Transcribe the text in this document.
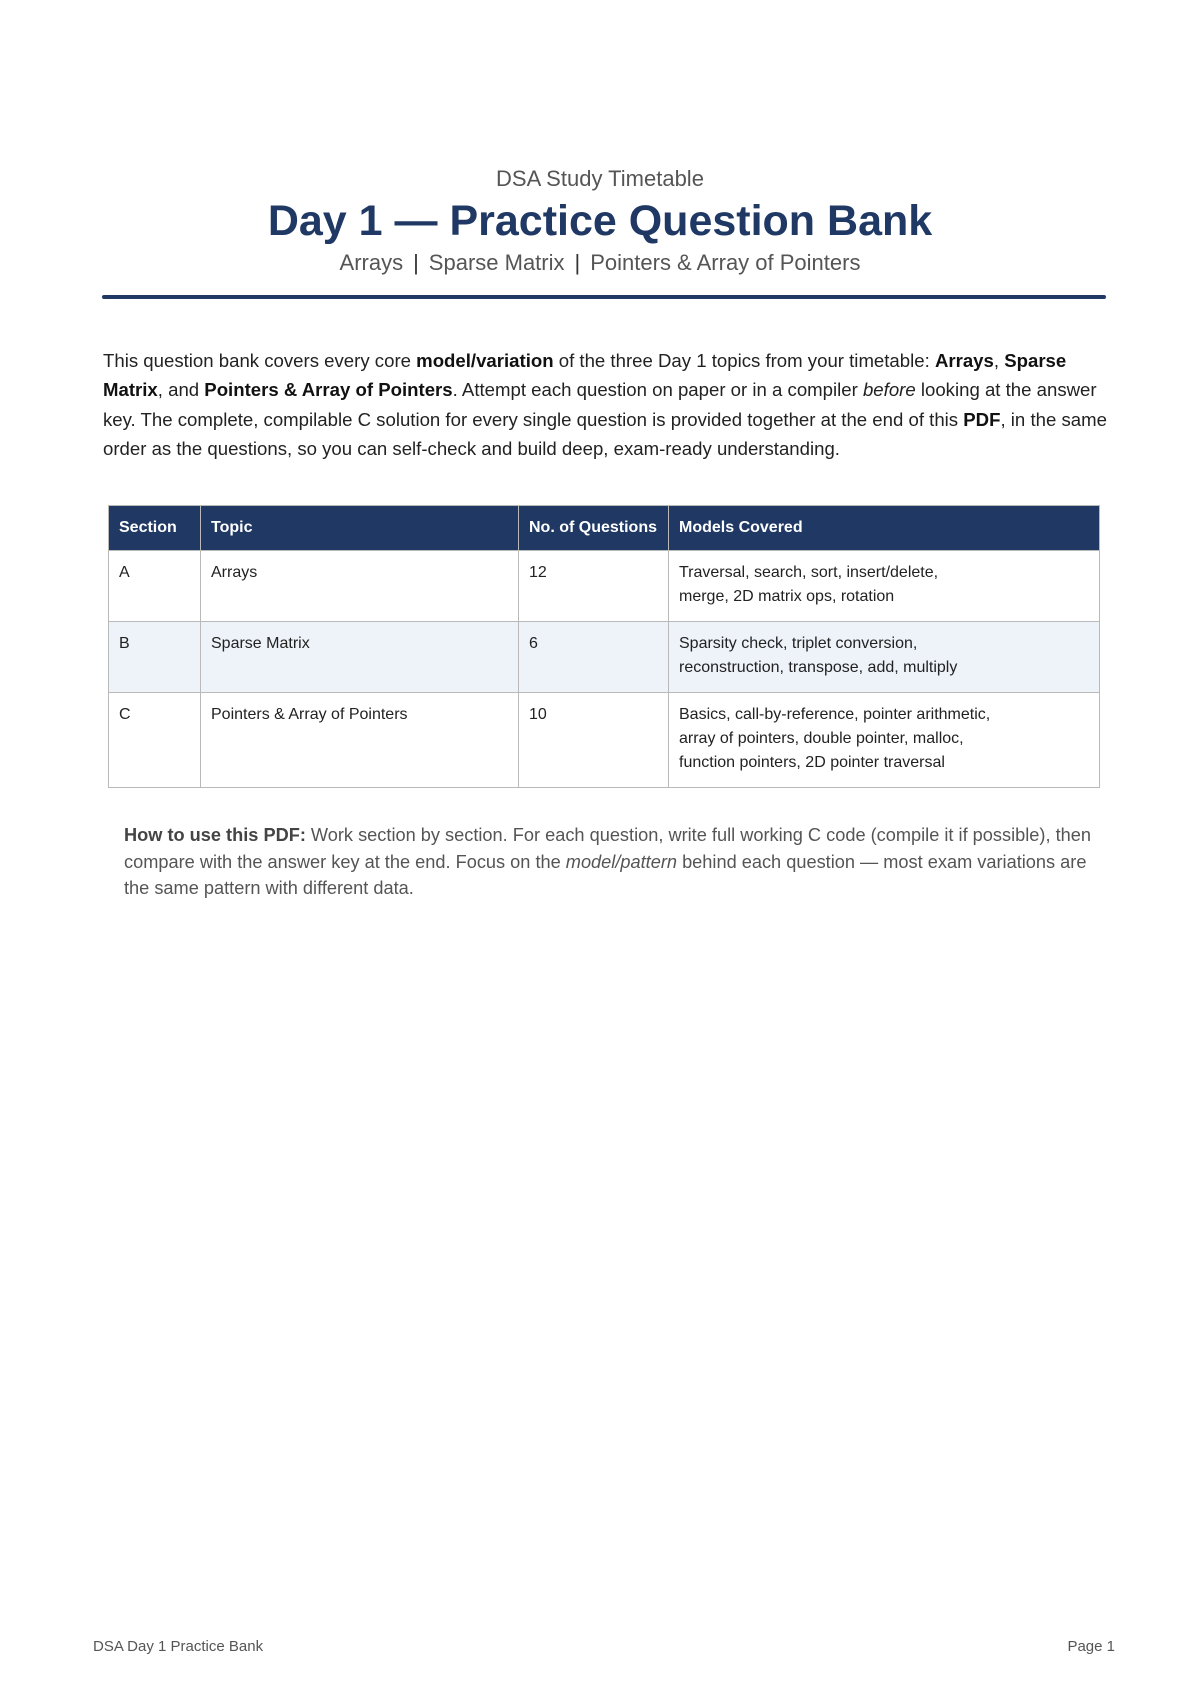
DSA Study Timetable
Day 1 — Practice Question Bank
Arrays | Sparse Matrix | Pointers & Array of Pointers

This question bank covers every core model/variation of the three Day 1 topics from your timetable: Arrays, Sparse Matrix, and Pointers & Array of Pointers. Attempt each question on paper or in a compiler before looking at the answer key. The complete, compilable C solution for every single question is provided together at the end of this PDF, in the same order as the questions, so you can self-check and build deep, exam-ready understanding.

Section	Topic	No. of Questions	Models Covered
A	Arrays	12	Traversal, search, sort, insert/delete,
merge, 2D matrix ops, rotation

B	Sparse Matrix	6	Sparsity check, triplet conversion,
reconstruction, transpose, add, multiply

C	Pointers & Array of Pointers	10	Basics, call-by-reference, pointer arithmetic,
array of pointers, double pointer, malloc,
function pointers, 2D pointer traversal

How to use this PDF: Work section by section. For each question, write full working C code (compile it if possible), then compare with the answer key at the end. Focus on the model/pattern behind each question — most exam variations are the same pattern with different data.

DSA Day 1 Practice Bank	Page 1
